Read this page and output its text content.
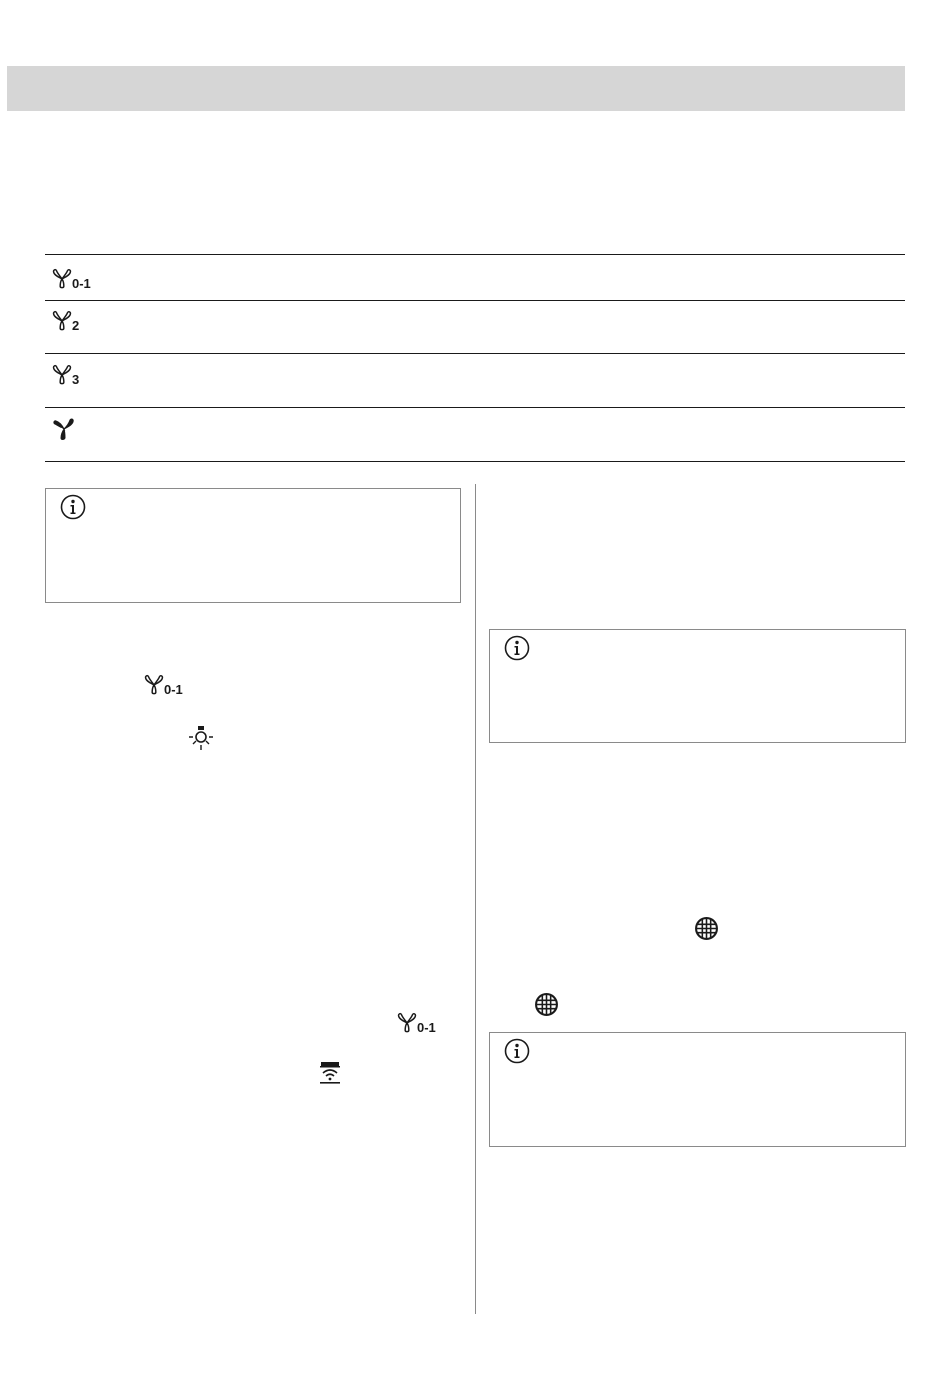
0-1
2
3
0-1
0-1
